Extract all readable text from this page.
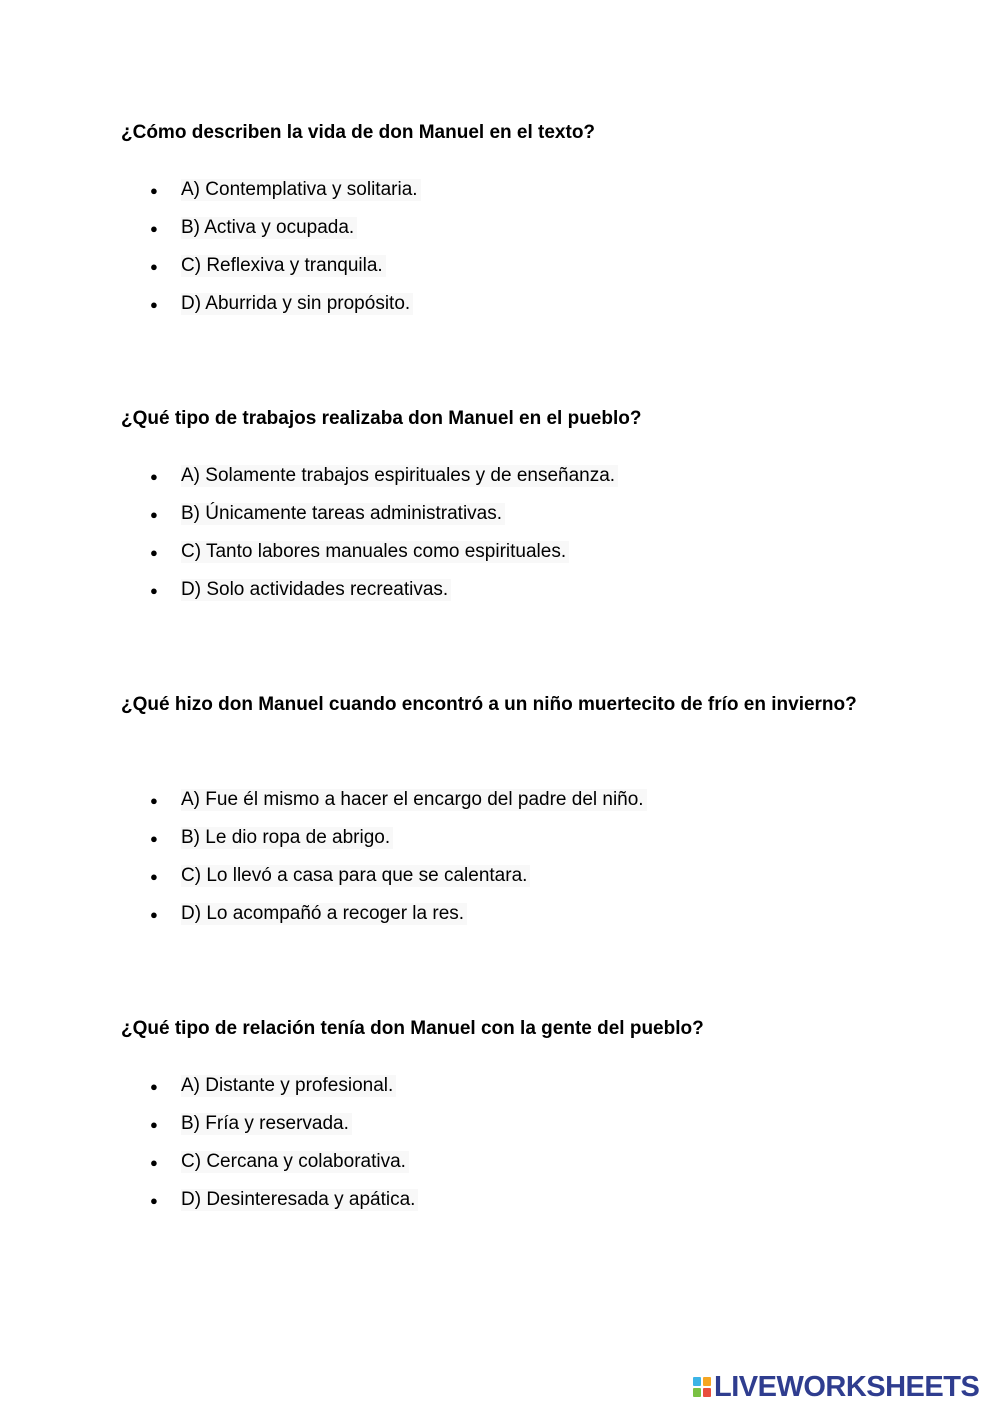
¿Cómo describen la vida de don Manuel en el texto?

●	A) Contemplativa y solitaria.
●	B) Activa y ocupada.
●	C) Reflexiva y tranquila.
●	D) Aburrida y sin propósito.

¿Qué tipo de trabajos realizaba don Manuel en el pueblo?

●	A) Solamente trabajos espirituales y de enseñanza.
●	B) Únicamente tareas administrativas.
●	C) Tanto labores manuales como espirituales.
●	D) Solo actividades recreativas.

¿Qué hizo don Manuel cuando encontró a un niño muertecito de frío en invierno?

●	A) Fue él mismo a hacer el encargo del padre del niño.
●	B) Le dio ropa de abrigo.
●	C) Lo llevó a casa para que se calentara.
●	D) Lo acompañó a recoger la res.

¿Qué tipo de relación tenía don Manuel con la gente del pueblo?

●	A) Distante y profesional.
●	B) Fría y reservada.
●	C) Cercana y colaborativa.
●	D) Desinteresada y apática.
LIVEWORKSHEETS
